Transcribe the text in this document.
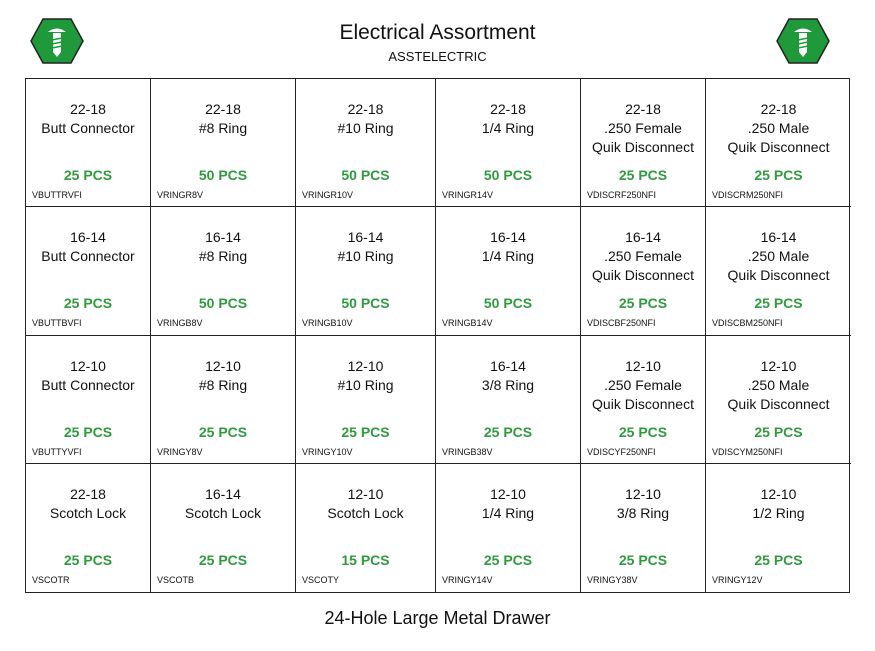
Electrical Assortment
ASSTELECTRIC
22-18
Butt Connector
25 PCS
VBUTTRVFI
22-18
#8 Ring
50 PCS
VRINGR8V
22-18
#10 Ring
50 PCS
VRINGR10V
22-18
1/4 Ring
50 PCS
VRINGR14V
22-18
.250 Female
Quik Disconnect
25 PCS
VDISCRF250NFI
22-18
.250 Male
Quik Disconnect
25 PCS
VDISCRM250NFI
16-14
Butt Connector
25 PCS
VBUTTBVFI
16-14
#8 Ring
50 PCS
VRINGB8V
16-14
#10 Ring
50 PCS
VRINGB10V
16-14
1/4 Ring
50 PCS
VRINGB14V
16-14
.250 Female
Quik Disconnect
25 PCS
VDISCBF250NFI
16-14
.250 Male
Quik Disconnect
25 PCS
VDISCBM250NFI
12-10
Butt Connector
25 PCS
VBUTTYVFI
12-10
#8 Ring
25 PCS
VRINGY8V
12-10
#10 Ring
25 PCS
VRINGY10V
16-14
3/8 Ring
25 PCS
VRINGB38V
12-10
.250 Female
Quik Disconnect
25 PCS
VDISCYF250NFI
12-10
.250 Male
Quik Disconnect
25 PCS
VDISCYM250NFI
22-18
Scotch Lock
25 PCS
VSCOTR
16-14
Scotch Lock
25 PCS
VSCOTB
12-10
Scotch Lock
15 PCS
VSCOTY
12-10
1/4 Ring
25 PCS
VRINGY14V
12-10
3/8 Ring
25 PCS
VRINGY38V
12-10
1/2 Ring
25 PCS
VRINGY12V
24-Hole Large Metal Drawer
